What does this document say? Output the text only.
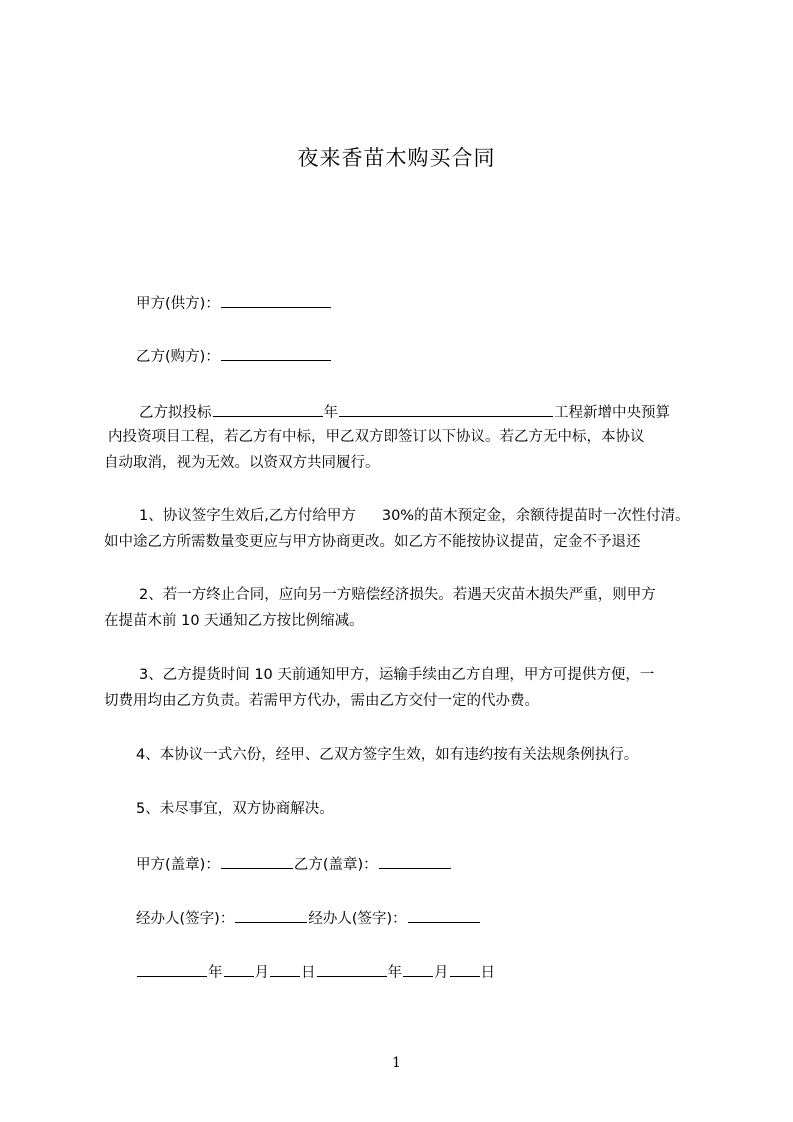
夜来香苗木购买合同
甲方(供方)：
乙方(购方)：
乙方拟投标	年	工程新增中央预算
内投资项目工程，若乙方有中标，甲乙双方即签订以下协议。若乙方无中标，本协议
自动取消，视为无效。以资双方共同履行。
1、协议签字生效后,乙方付给甲方 30%的苗木预定金，余额待提苗时一次性付清。
如中途乙方所需数量变更应与甲方协商更改。如乙方不能按协议提苗，定金不予退还
2、若一方终止合同，应向另一方赔偿经济损失。若遇天灾苗木损失严重，则甲方
在提苗木前 10 天通知乙方按比例缩减。
3、乙方提货时间 10 天前通知甲方，运输手续由乙方自理，甲方可提供方便，一
切费用均由乙方负责。若需甲方代办，需由乙方交付一定的代办费。
4、本协议一式六份，经甲、乙双方签字生效，如有违约按有关法规条例执行。
5、未尽事宜，双方协商解决。
甲方(盖章)：	乙方(盖章)：
经办人(签字)：	经办人(签字)：
年 月 日	年 月 日
1
